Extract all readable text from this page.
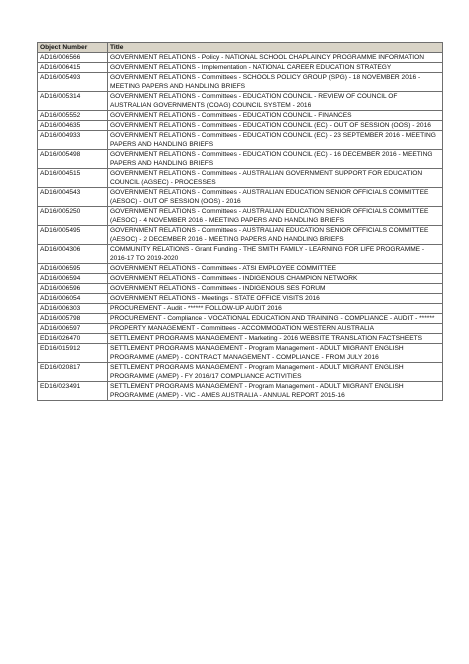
Object Number	Title
AD16/006566	GOVERNMENT RELATIONS - Policy - NATIONAL SCHOOL CHAPLAINCY PROGRAMME INFORMATION
AD16/006415	GOVERNMENT RELATIONS - Implementation - NATIONAL CAREER EDUCATION STRATEGY
AD16/005493	GOVERNMENT RELATIONS - Committees - SCHOOLS POLICY GROUP (SPG) - 18 NOVEMBER 2016 - MEETING PAPERS AND HANDLING BRIEFS
AD16/005314	GOVERNMENT RELATIONS - Committees - EDUCATION COUNCIL - REVIEW OF COUNCIL OF AUSTRALIAN GOVERNMENTS (COAG) COUNCIL SYSTEM - 2016
AD16/005552	GOVERNMENT RELATIONS - Committees - EDUCATION COUNCIL - FINANCES
AD16/004635	GOVERNMENT RELATIONS - Committees - EDUCATION COUNCIL (EC) - OUT OF SESSION (OOS) - 2016
AD16/004933	GOVERNMENT RELATIONS - Committees - EDUCATION COUNCIL (EC) - 23 SEPTEMBER 2016 - MEETING PAPERS AND HANDLING BRIEFS
AD16/005498	GOVERNMENT RELATIONS - Committees - EDUCATION COUNCIL (EC) - 16 DECEMBER 2016 - MEETING PAPERS AND HANDLING BRIEFS
AD16/004515	GOVERNMENT RELATIONS - Committees - AUSTRALIAN GOVERNMENT SUPPORT FOR EDUCATION COUNCIL (AGSEC) - PROCESSES
AD16/004543	GOVERNMENT RELATIONS - Committees - AUSTRALIAN EDUCATION SENIOR OFFICIALS COMMITTEE (AESOC) - OUT OF SESSION (OOS) - 2016
AD16/005250	GOVERNMENT RELATIONS - Committees - AUSTRALIAN EDUCATION SENIOR OFFICIALS COMMITTEE (AESOC) - 4 NOVEMBER 2016 - MEETING PAPERS AND HANDLING BRIEFS
AD16/005495	GOVERNMENT RELATIONS - Committees - AUSTRALIAN EDUCATION SENIOR OFFICIALS COMMITTEE (AESOC) - 2 DECEMBER 2016 - MEETING PAPERS AND HANDLING BRIEFS
AD16/004306	COMMUNITY RELATIONS - Grant Funding - THE SMITH FAMILY - LEARNING FOR LIFE PROGRAMME - 2016-17 TO 2019-2020
AD16/006595	GOVERNMENT RELATIONS - Committees - ATSI EMPLOYEE COMMITTEE
AD16/006594	GOVERNMENT RELATIONS - Committees - INDIGENOUS CHAMPION NETWORK
AD16/006596	GOVERNMENT RELATIONS - Committees - INDIGENOUS SES FORUM
AD16/006054	GOVERNMENT RELATIONS - Meetings - STATE OFFICE VISITS 2016
AD16/006303	PROCUREMENT - Audit - ****** FOLLOW-UP AUDIT 2016
AD16/005798	PROCUREMENT - Compliance - VOCATIONAL EDUCATION AND TRAINING - COMPLIANCE - AUDIT - ******
AD16/006597	PROPERTY MANAGEMENT - Committees - ACCOMMODATION WESTERN AUSTRALIA
ED16/026470	SETTLEMENT PROGRAMS MANAGEMENT - Marketing - 2016 WEBSITE TRANSLATION FACTSHEETS
ED16/015912	SETTLEMENT PROGRAMS MANAGEMENT - Program Management - ADULT MIGRANT ENGLISH PROGRAMME (AMEP) - CONTRACT MANAGEMENT - COMPLIANCE - FROM JULY 2016
ED16/020817	SETTLEMENT PROGRAMS MANAGEMENT - Program Management - ADULT MIGRANT ENGLISH PROGRAMME (AMEP) - FY 2016/17 COMPLIANCE ACTIVITIES
ED16/023491	SETTLEMENT PROGRAMS MANAGEMENT - Program Management - ADULT MIGRANT ENGLISH PROGRAMME (AMEP) - VIC - AMES AUSTRALIA - ANNUAL REPORT 2015-16
